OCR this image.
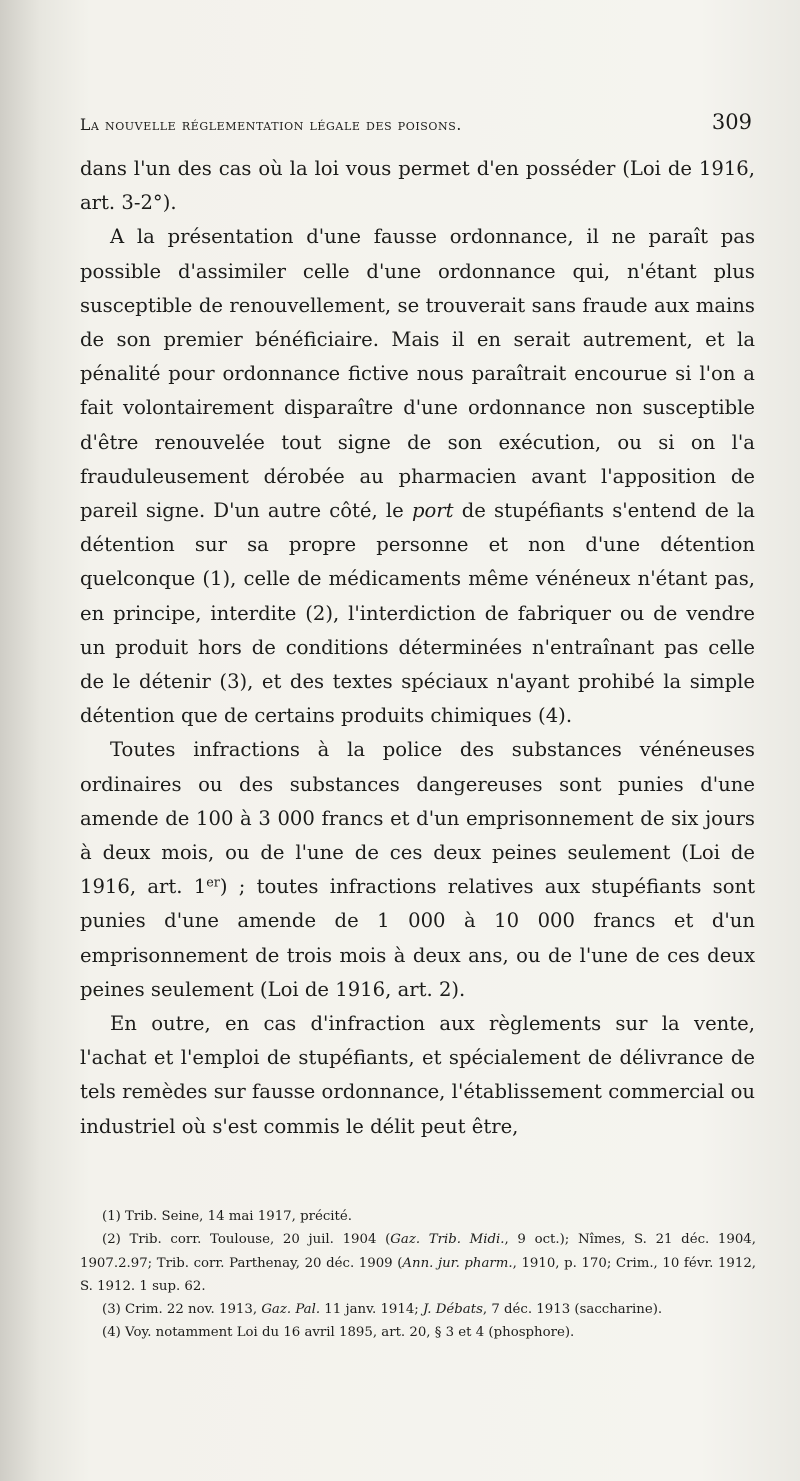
La nouvelle réglementation légale des poisons.	309

dans l'un des cas où la loi vous permet d'en posséder (Loi de 1916, art. 3-2°).

A la présentation d'une fausse ordonnance, il ne paraît pas possible d'assimiler celle d'une ordonnance qui, n'étant plus susceptible de renouvellement, se trouverait sans fraude aux mains de son premier bénéficiaire. Mais il en serait autrement, et la pénalité pour ordonnance fictive nous paraîtrait encourue si l'on a fait volontairement disparaître d'une ordonnance non susceptible d'être renouvelée tout signe de son exécution, ou si on l'a frauduleusement dérobée au pharmacien avant l'apposition de pareil signe. D'un autre côté, le port de stupéfiants s'entend de la détention sur sa propre personne et non d'une détention quelconque (1), celle de médicaments même vénéneux n'étant pas, en principe, interdite (2), l'interdiction de fabriquer ou de vendre un produit hors de conditions déterminées n'entraînant pas celle de le détenir (3), et des textes spéciaux n'ayant prohibé la simple détention que de certains produits chimiques (4).

Toutes infractions à la police des substances vénéneuses ordinaires ou des substances dangereuses sont punies d'une amende de 100 à 3 000 francs et d'un emprisonnement de six jours à deux mois, ou de l'une de ces deux peines seulement (Loi de 1916, art. 1er) ; toutes infractions relatives aux stupéfiants sont punies d'une amende de 1 000 à 10 000 francs et d'un emprisonnement de trois mois à deux ans, ou de l'une de ces deux peines seulement (Loi de 1916, art. 2).

En outre, en cas d'infraction aux règlements sur la vente, l'achat et l'emploi de stupéfiants, et spécialement de délivrance de tels remèdes sur fausse ordonnance, l'établissement commercial ou industriel où s'est commis le délit peut être,

(1) Trib. Seine, 14 mai 1917, précité.

(2) Trib. corr. Toulouse, 20 juil. 1904 (Gaz. Trib. Midi., 9 oct.); Nîmes, S. 21 déc. 1904, 1907.2.97; Trib. corr. Parthenay, 20 déc. 1909 (Ann. jur. pharm., 1910, p. 170; Crim., 10 févr. 1912, S. 1912. 1 sup. 62.

(3) Crim. 22 nov. 1913, Gaz. Pal. 11 janv. 1914; J. Débats, 7 déc. 1913 (saccharine).

(4) Voy. notamment Loi du 16 avril 1895, art. 20, § 3 et 4 (phosphore).
